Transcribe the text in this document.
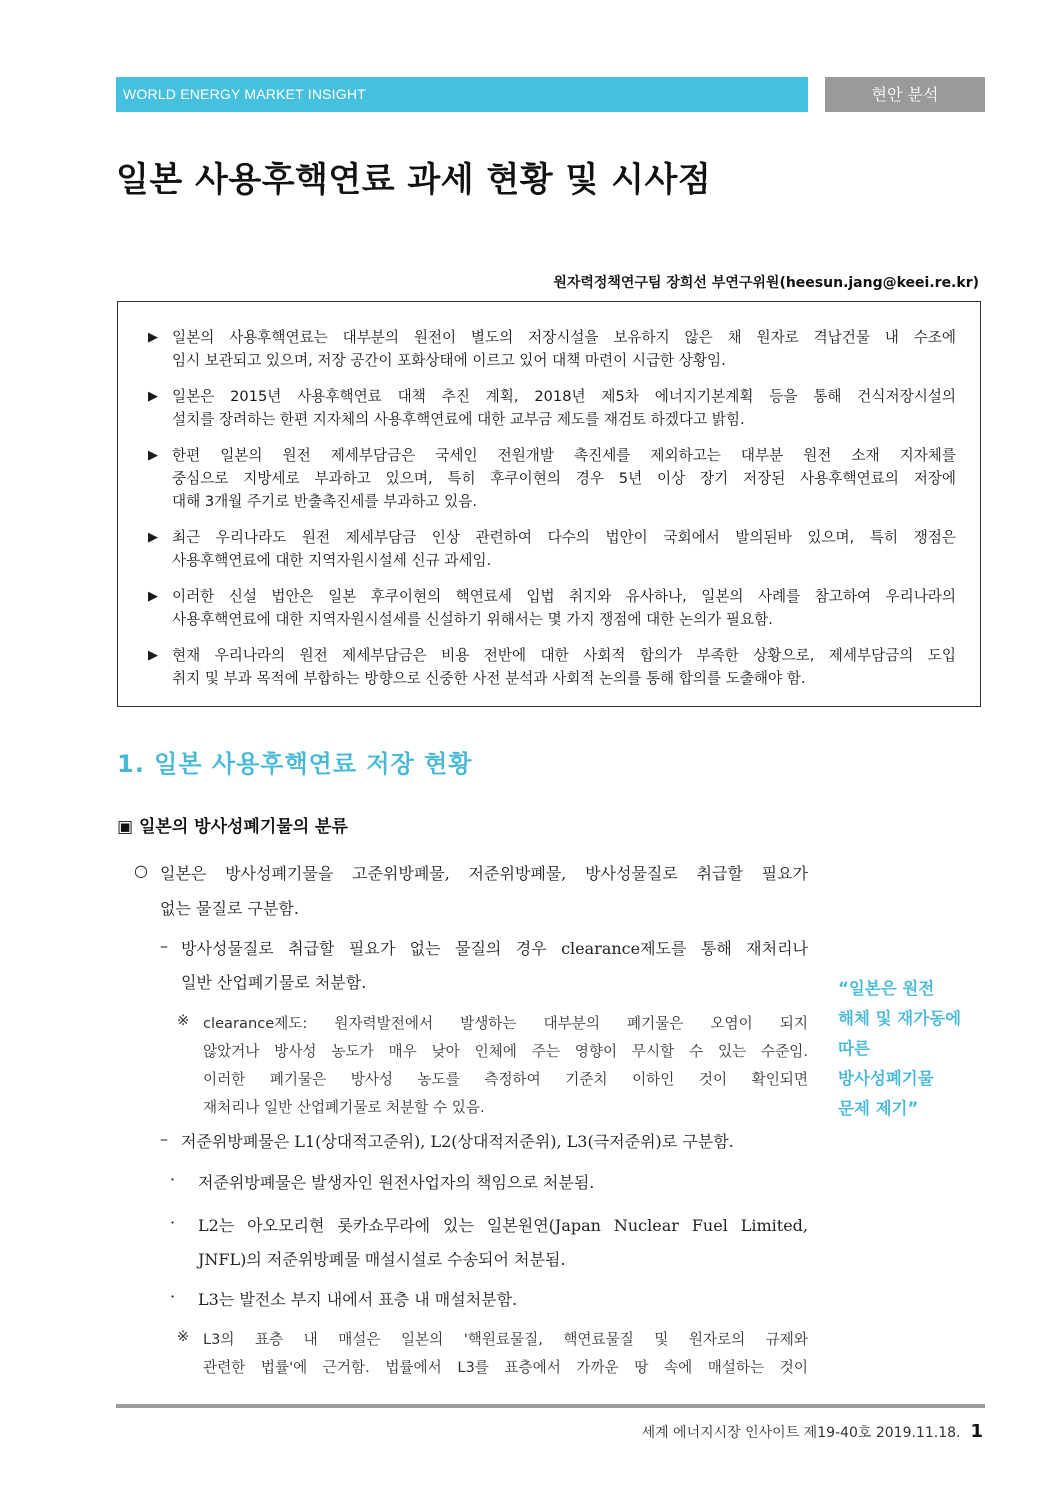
WORLD ENERGY MARKET INSIGHT	현안 분석
일본 사용후핵연료 과세 현황 및 시사점
원자력정책연구팀 장희선 부연구위원(heesun.jang@keei.re.kr)
▶ 일본의 사용후핵연료는 대부분의 원전이 별도의 저장시설을 보유하지 않은 채 원자로 격납건물 내 수조에
임시 보관되고 있으며, 저장 공간이 포화상태에 이르고 있어 대책 마련이 시급한 상황임.
▶ 일본은 2015년 사용후핵연료 대책 추진 계획, 2018년 제5차 에너지기본계획 등을 통해 건식저장시설의
설치를 장려하는 한편 지자체의 사용후핵연료에 대한 교부금 제도를 재검토 하겠다고 밝힘.
▶ 한편 일본의 원전 제세부담금은 국세인 전원개발 촉진세를 제외하고는 대부분 원전 소재 지자체를
중심으로 지방세로 부과하고 있으며, 특히 후쿠이현의 경우 5년 이상 장기 저장된 사용후핵연료의 저장에
대해 3개월 주기로 반출촉진세를 부과하고 있음.
▶ 최근 우리나라도 원전 제세부담금 인상 관련하여 다수의 법안이 국회에서 발의된바 있으며, 특히 쟁점은
사용후핵연료에 대한 지역자원시설세 신규 과세임.
▶ 이러한 신설 법안은 일본 후쿠이현의 핵연료세 입법 취지와 유사하나, 일본의 사례를 참고하여 우리나라의
사용후핵연료에 대한 지역자원시설세를 신설하기 위해서는 몇 가지 쟁점에 대한 논의가 필요함.
▶ 현재 우리나라의 원전 제세부담금은 비용 전반에 대한 사회적 합의가 부족한 상황으로, 제세부담금의 도입
취지 및 부과 목적에 부합하는 방향으로 신중한 사전 분석과 사회적 논의를 통해 합의를 도출해야 함.
1. 일본 사용후핵연료 저장 현황
▣ 일본의 방사성폐기물의 분류
○ 일본은 방사성폐기물을 고준위방폐물, 저준위방폐물, 방사성물질로 취급할 필요가
없는 물질로 구분함.
– 방사성물질로 취급할 필요가 없는 물질의 경우 clearance제도를 통해 재처리나
일반 산업폐기물로 처분함.
※ clearance제도: 원자력발전에서 발생하는 대부분의 폐기물은 오염이 되지
않았거나 방사성 농도가 매우 낮아 인체에 주는 영향이 무시할 수 있는 수준임.
이러한 폐기물은 방사성 농도를 측정하여 기준치 이하인 것이 확인되면
재처리나 일반 산업폐기물로 처분할 수 있음.
– 저준위방폐물은 L1(상대적고준위), L2(상대적저준위), L3(극저준위)로 구분함.
· 저준위방폐물은 발생자인 원전사업자의 책임으로 처분됨.
· L2는 아오모리현 롯카쇼무라에 있는 일본원연(Japan Nuclear Fuel Limited,
JNFL)의 저준위방폐물 매설시설로 수송되어 처분됨.
· L3는 발전소 부지 내에서 표층 내 매설처분함.
※ L3의 표층 내 매설은 일본의 '핵원료물질, 핵연료물질 및 원자로의 규제와
관련한 법률'에 근거함. 법률에서 L3를 표층에서 가까운 땅 속에 매설하는 것이
“일본은 원전
해체 및 재가동에
따른
방사성폐기물
문제 제기”
세계 에너지시장 인사이트 제19-40호 2019.11.18. 1
